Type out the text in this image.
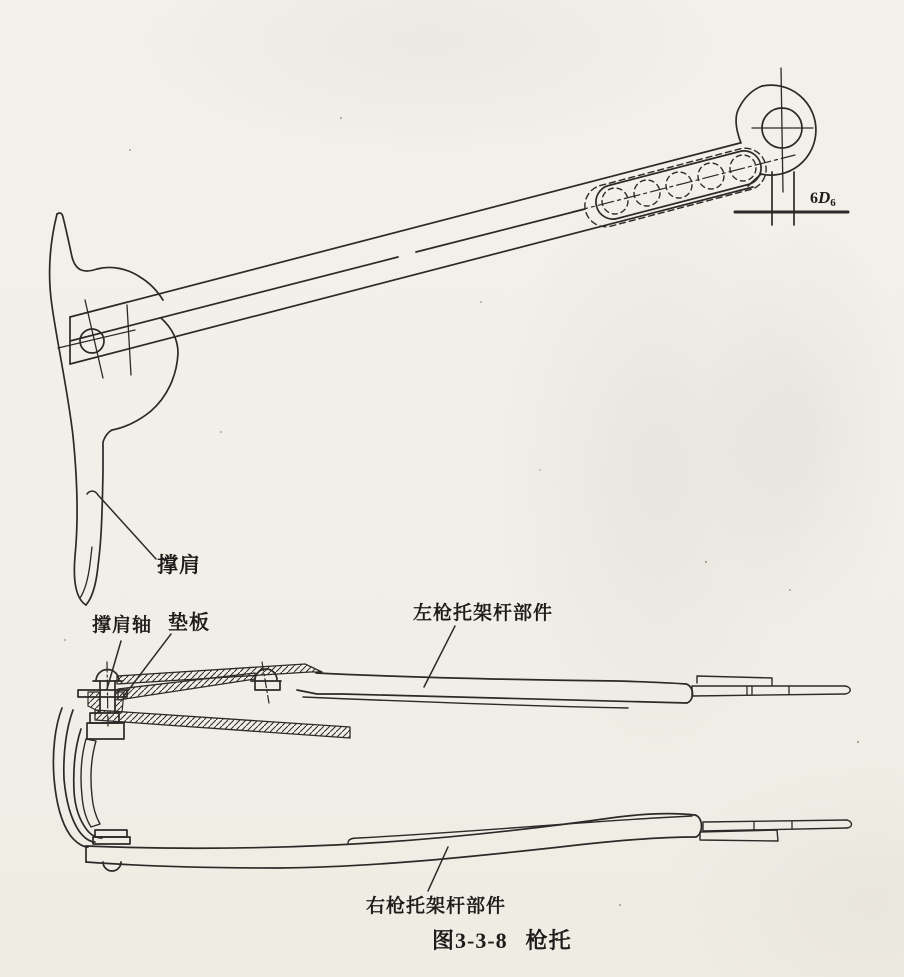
撑肩
撑肩轴 垫板	左枪托架杆部件
右枪托架杆部件
$6D_6$
图3-3-8 枪托
